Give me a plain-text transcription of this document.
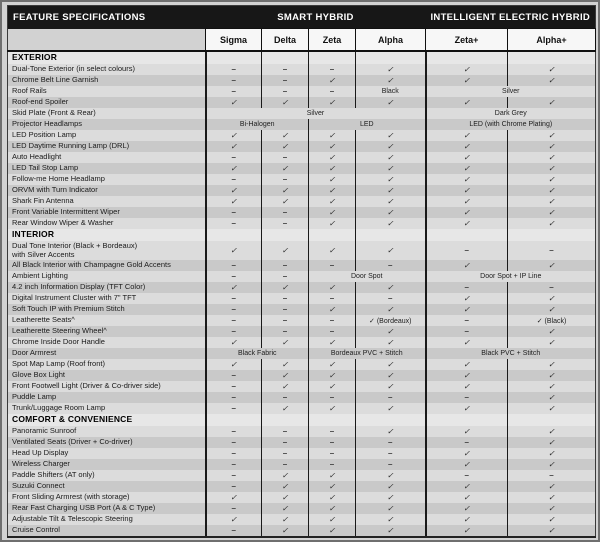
FEATURE SPECIFICATIONS	SMART HYBRID				INTELLIGENT ELECTRIC HYBRID	
	Sigma	Delta	Zeta	Alpha	Zeta+	Alpha+
EXTERIOR						
Dual-Tone Exterior (in select colours)	–	–	–	✓	✓	✓
Chrome Belt Line Garnish	–	–	✓	✓	✓	✓
Roof Rails	–	–	–	Black	Silver	
Roof-end Spoiler	✓	✓	✓	✓	✓	✓
Skid Plate (Front & Rear)	Silver				Dark Grey	
Projector Headlamps	Bi-Halogen		LED		LED (with Chrome Plating)	
LED Position Lamp	✓	✓	✓	✓	✓	✓
LED Daytime Running Lamp (DRL)	✓	✓	✓	✓	✓	✓
Auto Headlight	–	–	✓	✓	✓	✓
LED Tail Stop Lamp	✓	✓	✓	✓	✓	✓
Follow-me Home Headlamp	–	–	✓	✓	✓	✓
ORVM with Turn Indicator	✓	✓	✓	✓	✓	✓
Shark Fin Antenna	✓	✓	✓	✓	✓	✓
Front Variable Intermittent Wiper	–	–	✓	✓	✓	✓
Rear Window Wiper & Washer	–	–	✓	✓	✓	✓
INTERIOR						
Dual Tone Interior (Black + Bordeaux)
with Silver Accents	✓	✓	✓	✓	–	–
All Black Interior with Champagne Gold Accents	–	–	–	–	✓	✓
Ambient Lighting	–	–	Door Spot		Door Spot + IP Line	
4.2 inch Information Display (TFT Color)	✓	✓	✓	✓	–	–
Digital Instrument Cluster with 7" TFT	–	–	–	–	✓	✓
Soft Touch IP with Premium Stitch	–	–	✓	✓	✓	✓
Leatherette Seats^	–	–	–	✓ (Bordeaux)	–	✓ (Black)
Leatherette Steering Wheel^	–	–	–	✓	–	✓
Chrome Inside Door Handle	✓	✓	✓	✓	✓	✓
Door Armrest	Black Fabric		Bordeaux PVC + Stitch		Black PVC + Stitch	
Spot Map Lamp (Roof front)	✓	✓	✓	✓	✓	✓
Glove Box Light	–	✓	✓	✓	✓	✓
Front Footwell Light (Driver & Co-driver side)	–	✓	✓	✓	✓	✓
Puddle Lamp	–	–	–	–	–	✓
Trunk/Luggage Room Lamp	–	✓	✓	✓	✓	✓
COMFORT & CONVENIENCE						
Panoramic Sunroof	–	–	–	✓	✓	✓
Ventilated Seats (Driver + Co-driver)	–	–	–	–	–	✓
Head Up Display	–	–	–	–	✓	✓
Wireless Charger	–	–	–	–	✓	✓
Paddle Shifters (AT only)	–	✓	✓	✓	–	–
Suzuki Connect	–	✓	✓	✓	✓	✓
Front Sliding Armrest (with storage)	✓	✓	✓	✓	✓	✓
Rear Fast Charging USB Port (A & C Type)	–	✓	✓	✓	✓	✓
Adjustable Tilt & Telescopic Steering	✓	✓	✓	✓	✓	✓
Cruise Control	–	✓	✓	✓	✓	✓
